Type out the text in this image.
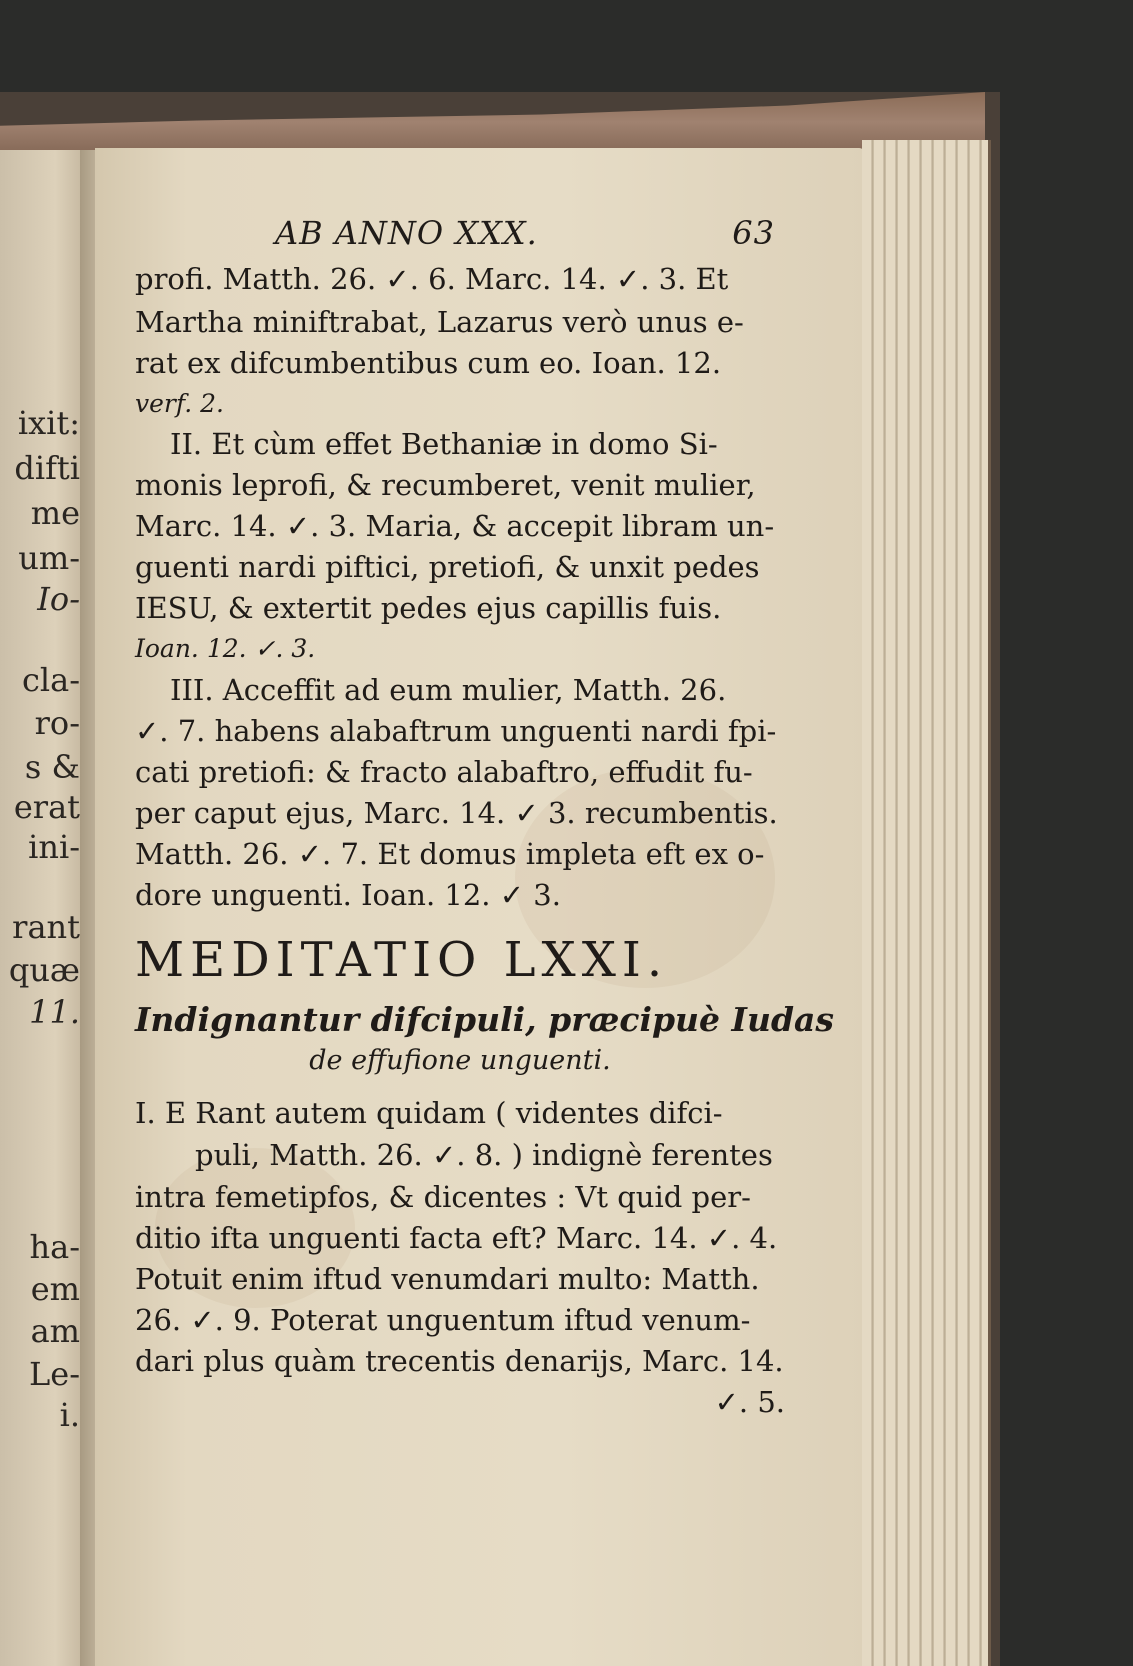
ixit:
difti
me
um-
Io-
cla-
ro-
s &
erat
ini-
rant
quæ
11.
ha-
em
am
Le-
i.
AB ANNO XXX.	63
profi. Matth. 26. ✓. 6. Marc. 14. ✓. 3. Et
Martha miniftrabat, Lazarus verò unus e-
rat ex difcumbentibus cum eo. Ioan. 12.
verf. 2.
II. Et cùm effet Bethaniæ in domo Si-
monis leprofi, & recumberet, venit mulier,
Marc. 14. ✓. 3. Maria, & accepit libram un-
guenti nardi piftici, pretiofi, & unxit pedes
IESU, & extertit pedes ejus capillis fuis.
Ioan. 12. ✓. 3.
III. Acceffit ad eum mulier, Matth. 26.
✓. 7. habens alabaftrum unguenti nardi fpi-
cati pretiofi: & fracto alabaftro, effudit fu-
per caput ejus, Marc. 14. ✓ 3. recumbentis.
Matth. 26. ✓. 7. Et domus impleta eft ex o-
dore unguenti. Ioan. 12. ✓ 3.
MEDITATIO LXXI.
Indignantur difcipuli, præcipuè Iudas
de effufione unguenti.
I. E Rant autem quidam ( videntes difci-
puli, Matth. 26. ✓. 8. ) indignè ferentes
intra femetipfos, & dicentes : Vt quid per-
ditio ifta unguenti facta eft? Marc. 14. ✓. 4.
Potuit enim iftud venumdari multo: Matth.
26. ✓. 9. Poterat unguentum iftud venum-
dari plus quàm trecentis denarijs, Marc. 14.
✓. 5.
